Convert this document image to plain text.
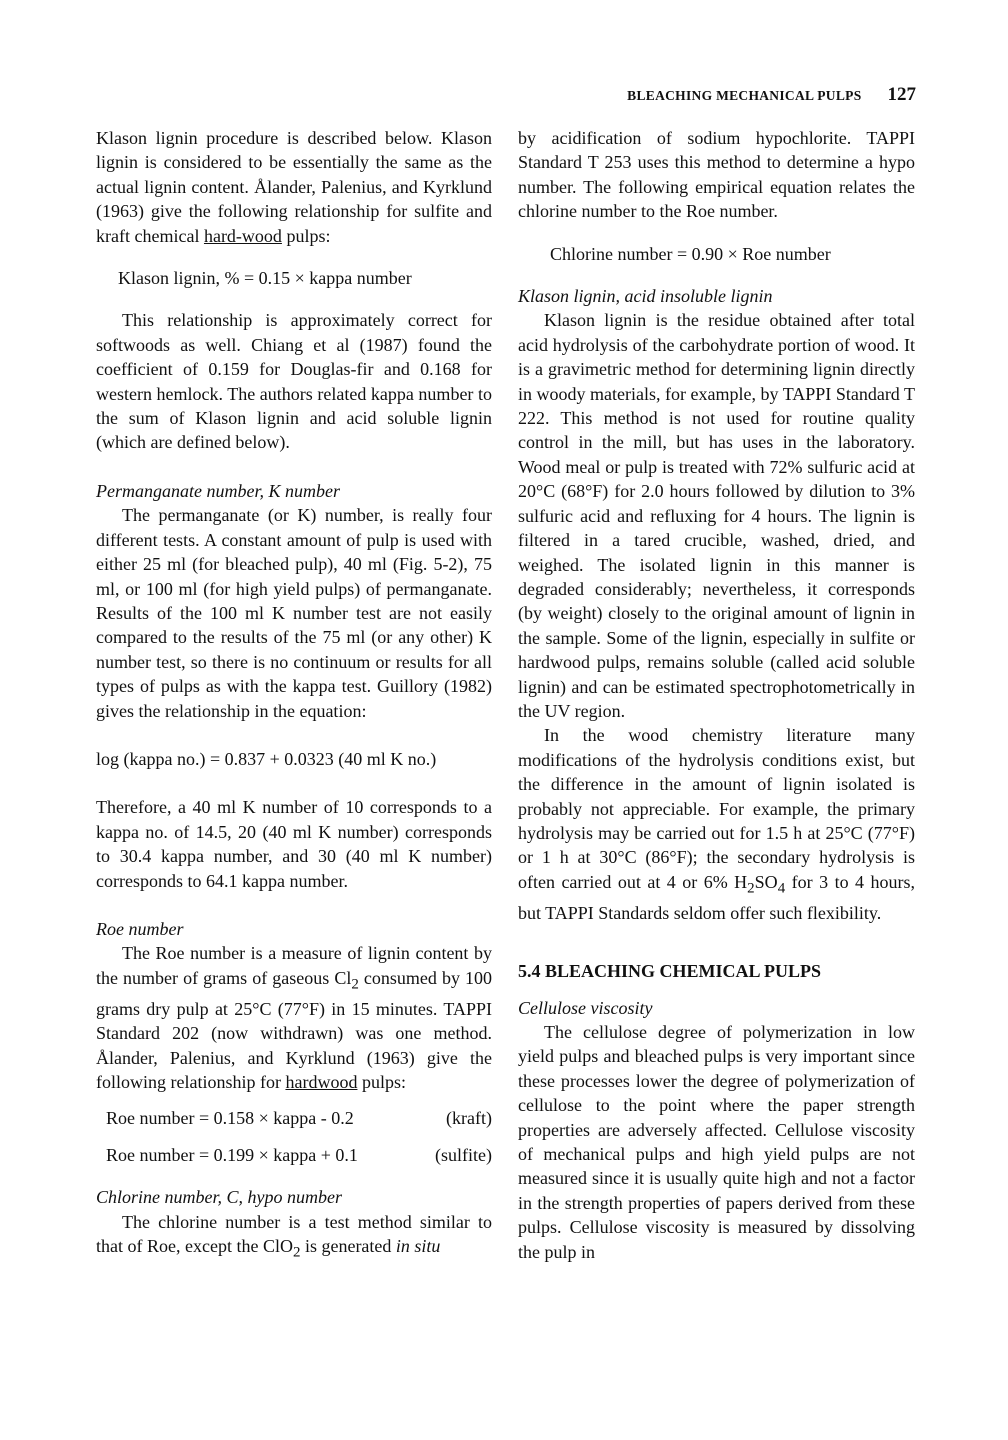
BLEACHING MECHANICAL PULPS 127

Klason lignin procedure is described below. Klason lignin is considered to be essentially the same as the actual lignin content. Ålander, Palenius, and Kyrklund (1963) give the following relationship for sulfite and kraft chemical hard-wood pulps:

Klason lignin, % = 0.15 × kappa number

This relationship is approximately correct for softwoods as well. Chiang et al (1987) found the coefficient of 0.159 for Douglas-fir and 0.168 for western hemlock. The authors related kappa number to the sum of Klason lignin and acid soluble lignin (which are defined below).

Permanganate number, K number

The permanganate (or K) number, is really four different tests. A constant amount of pulp is used with either 25 ml (for bleached pulp), 40 ml (Fig. 5-2), 75 ml, or 100 ml (for high yield pulps) of permanganate. Results of the 100 ml K number test are not easily compared to the results of the 75 ml (or any other) K number test, so there is no continuum or results for all types of pulps as with the kappa test. Guillory (1982) gives the relationship in the equation:

log (kappa no.) = 0.837 + 0.0323 (40 ml K no.)

Therefore, a 40 ml K number of 10 corresponds to a kappa no. of 14.5, 20 (40 ml K number) corresponds to 30.4 kappa number, and 30 (40 ml K number) corresponds to 64.1 kappa number.

Roe number

The Roe number is a measure of lignin content by the number of grams of gaseous $Cl_2$ consumed by 100 grams dry pulp at 25°C (77°F) in 15 minutes. TAPPI Standard 202 (now withdrawn) was one method. Ålander, Palenius, and Kyrklund (1963) give the following relationship for hardwood pulps:

Roe number = 0.158 × kappa - 0.2	(kraft)
Roe number = 0.199 × kappa + 0.1	(sulfite)

Chlorine number, C, hypo number

The chlorine number is a test method similar to that of Roe, except the ClO$_2$ is generated in situ

by acidification of sodium hypochlorite. TAPPI Standard T 253 uses this method to determine a hypo number. The following empirical equation relates the chlorine number to the Roe number.

Chlorine number = 0.90 × Roe number

Klason lignin, acid insoluble lignin

Klason lignin is the residue obtained after total acid hydrolysis of the carbohydrate portion of wood. It is a gravimetric method for determining lignin directly in woody materials, for example, by TAPPI Standard T 222. This method is not used for routine quality control in the mill, but has uses in the laboratory. Wood meal or pulp is treated with 72% sulfuric acid at 20°C (68°F) for 2.0 hours followed by dilution to 3% sulfuric acid and refluxing for 4 hours. The lignin is filtered in a tared crucible, washed, dried, and weighed. The isolated lignin in this manner is degraded considerably; nevertheless, it corresponds (by weight) closely to the original amount of lignin in the sample. Some of the lignin, especially in sulfite or hardwood pulps, remains soluble (called acid soluble lignin) and can be estimated spectrophotometrically in the UV region.

In the wood chemistry literature many modifications of the hydrolysis conditions exist, but the difference in the amount of lignin isolated is probably not appreciable. For example, the primary hydrolysis may be carried out for 1.5 h at 25°C (77°F) or 1 h at 30°C (86°F); the secondary hydrolysis is often carried out at 4 or 6% $H_2SO_4$ for 3 to 4 hours, but TAPPI Standards seldom offer such flexibility.

5.4 BLEACHING CHEMICAL PULPS

Cellulose viscosity

The cellulose degree of polymerization in low yield pulps and bleached pulps is very important since these processes lower the degree of polymerization of cellulose to the point where the paper strength properties are adversely affected. Cellulose viscosity of mechanical pulps and high yield pulps are not measured since it is usually quite high and not a factor in the strength properties of papers derived from these pulps. Cellulose viscosity is measured by dissolving the pulp in
